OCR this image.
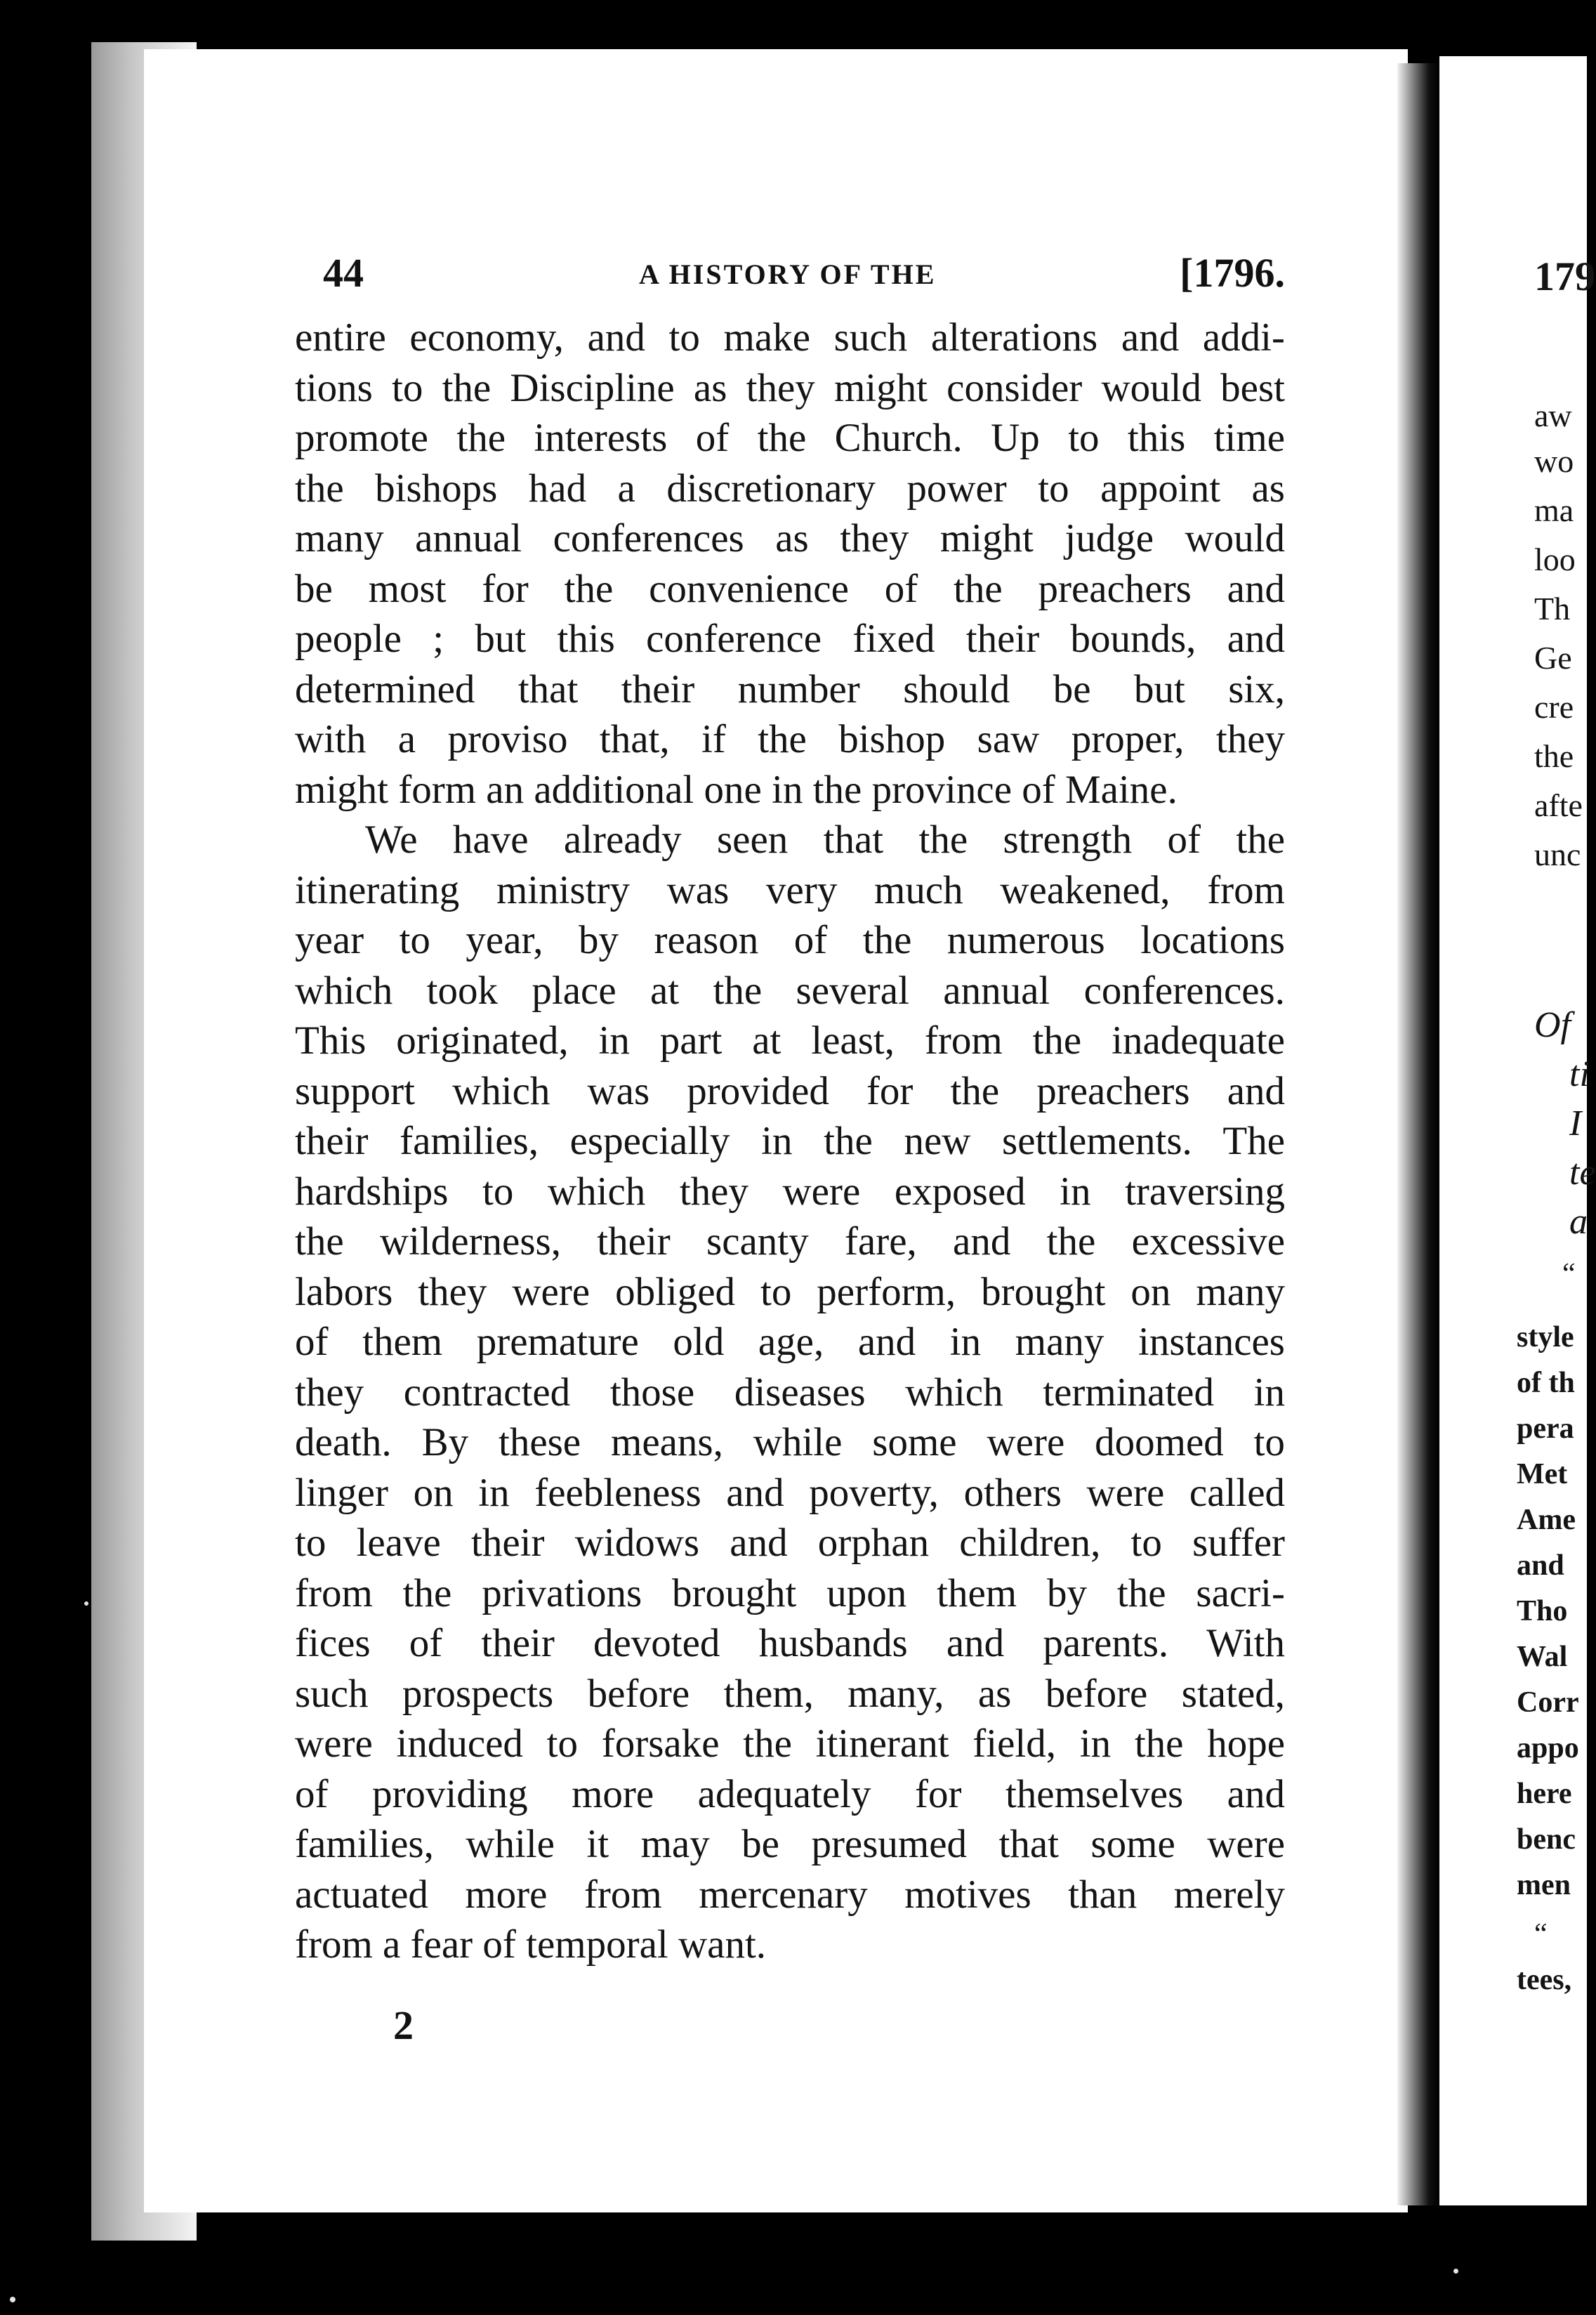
44	A HISTORY OF THE	[1796.
entire economy, and to make such alterations and addi-
tions to the Discipline as they might consider would best
promote the interests of the Church. Up to this time
the bishops had a discretionary power to appoint as
many annual conferences as they might judge would
be most for the convenience of the preachers and
people ; but this conference fixed their bounds, and
determined that their number should be but six,
with a proviso that, if the bishop saw proper, they
might form an additional one in the province of Maine.
We have already seen that the strength of the
itinerating ministry was very much weakened, from
year to year, by reason of the numerous locations
which took place at the several annual conferences.
This originated, in part at least, from the inadequate
support which was provided for the preachers and
their families, especially in the new settlements. The
hardships to which they were exposed in traversing
the wilderness, their scanty fare, and the excessive
labors they were obliged to perform, brought on many
of them premature old age, and in many instances
they contracted those diseases which terminated in
death. By these means, while some were doomed to
linger on in feebleness and poverty, others were called
to leave their widows and orphan children, to suffer
from the privations brought upon them by the sacri-
fices of their devoted husbands and parents. With
such prospects before them, many, as before stated,
were induced to forsake the itinerant field, in the hope
of providing more adequately for themselves and
families, while it may be presumed that some were
actuated more from mercenary motives than merely
from a fear of temporal want.
2
179
aw
wo
ma
loo
Th
Ge
cre
the
afte
unc
Of
ti
I
te
a
“
style
of th
pera
Met
Ame
and
Tho
Wal
Corr
appo
here
benc
men
“
tees,
